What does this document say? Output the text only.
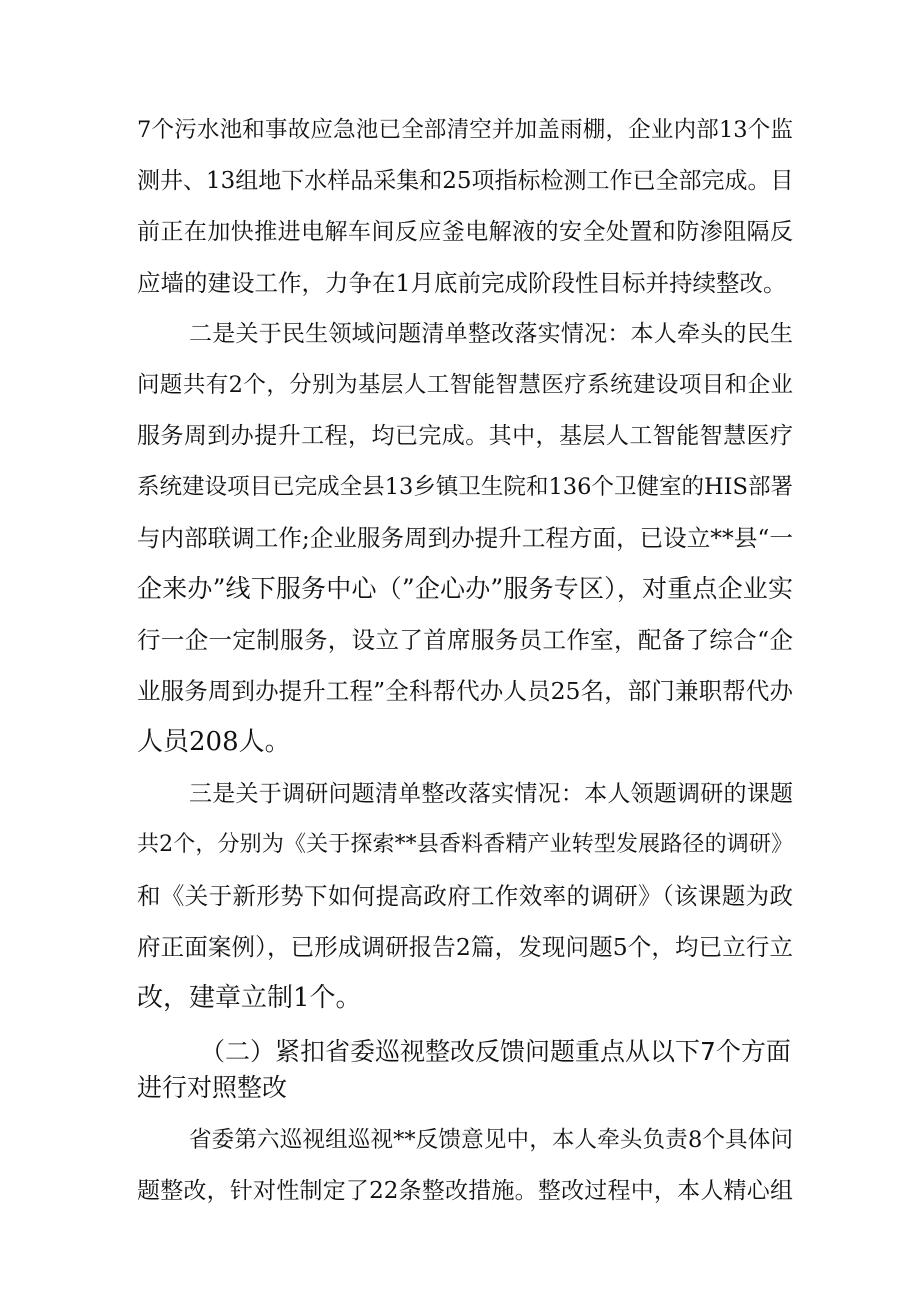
7个污水池和事故应急池已全部清空并加盖雨棚，企业内部13个监
测井、13组地下水样品采集和25项指标检测工作已全部完成。目
前正在加快推进电解车间反应釜电解液的安全处置和防渗阻隔反
应墙的建设工作，力争在1月底前完成阶段性目标并持续整改。
二是关于民生领域问题清单整改落实情况：本人牵头的民生
问题共有2个，分别为基层人工智能智慧医疗系统建设项目和企业
服务周到办提升工程，均已完成。其中，基层人工智能智慧医疗
系统建设项目已完成全县13乡镇卫生院和136个卫健室的HIS部署
与内部联调工作;企业服务周到办提升工程方面，已设立**县“一
企来办”线下服务中心（”企心办”服务专区），对重点企业实
行一企一定制服务，设立了首席服务员工作室，配备了综合“企
业服务周到办提升工程”全科帮代办人员25名，部门兼职帮代办
人员208人。
三是关于调研问题清单整改落实情况：本人领题调研的课题
共2个，分别为《关于探索**县香料香精产业转型发展路径的调研》
和《关于新形势下如何提高政府工作效率的调研》（该课题为政
府正面案例），已形成调研报告2篇，发现问题5个，均已立行立
改，建章立制1个。
（二）紧扣省委巡视整改反馈问题重点从以下7个方面
进行对照整改
省委第六巡视组巡视**反馈意见中，本人牵头负责8个具体问
题整改，针对性制定了22条整改措施。整改过程中，本人精心组
